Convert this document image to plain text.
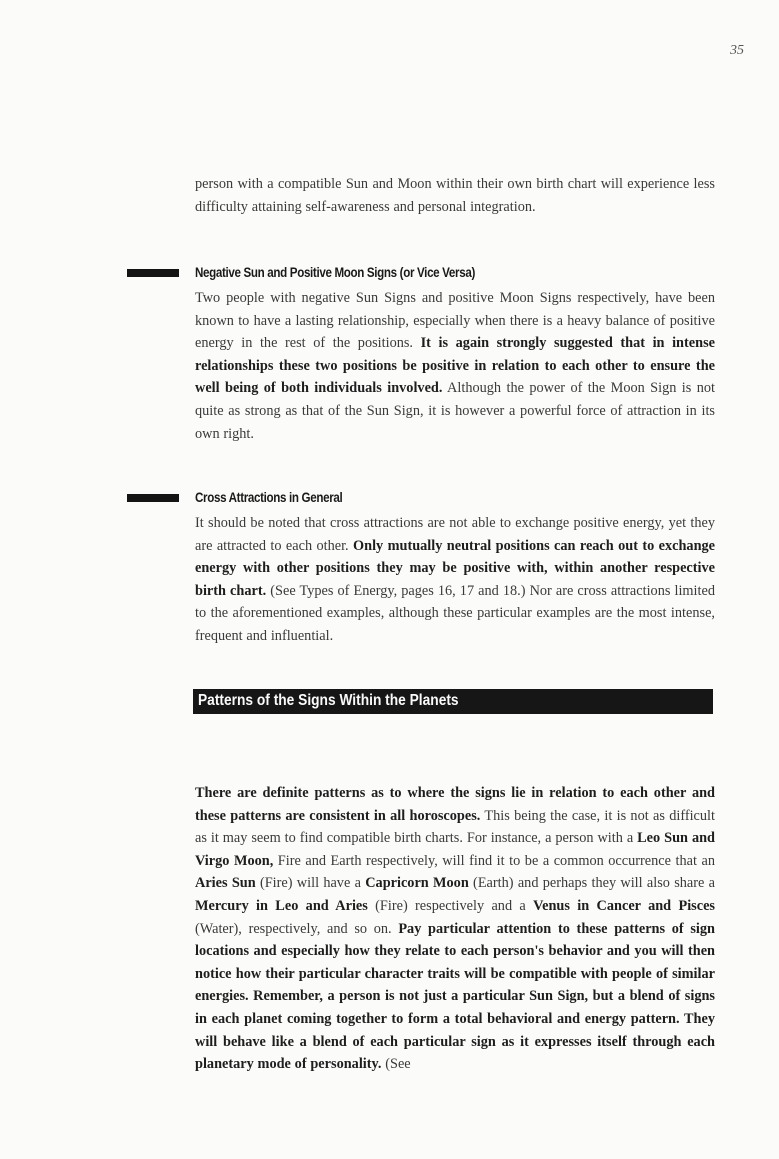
35

person with a compatible Sun and Moon within their own birth chart will experience less difficulty attaining self-awareness and personal integration.

Negative Sun and Positive Moon Signs (or Vice Versa)

Two people with negative Sun Signs and positive Moon Signs respectively, have been known to have a lasting relationship, especially when there is a heavy balance of positive energy in the rest of the positions. It is again strongly suggested that in intense relationships these two positions be positive in relation to each other to ensure the well being of both individuals involved. Although the power of the Moon Sign is not quite as strong as that of the Sun Sign, it is however a powerful force of attraction in its own right.

Cross Attractions in General

It should be noted that cross attractions are not able to exchange positive energy, yet they are attracted to each other. Only mutually neutral positions can reach out to exchange energy with other positions they may be positive with, within another respective birth chart. (See Types of Energy, pages 16, 17 and 18.) Nor are cross attractions limited to the aforementioned examples, although these particular examples are the most intense, frequent and influential.

Patterns of the Signs Within the Planets

There are definite patterns as to where the signs lie in relation to each other and these patterns are consistent in all horoscopes. This being the case, it is not as difficult as it may seem to find compatible birth charts. For instance, a person with a Leo Sun and Virgo Moon, Fire and Earth respectively, will find it to be a common occurrence that an Aries Sun (Fire) will have a Capricorn Moon (Earth) and perhaps they will also share a Mercury in Leo and Aries (Fire) respectively and a Venus in Cancer and Pisces (Water), respectively, and so on. Pay particular attention to these patterns of sign locations and especially how they relate to each person's behavior and you will then notice how their particular character traits will be compatible with people of similar energies. Remember, a person is not just a particular Sun Sign, but a blend of signs in each planet coming together to form a total behavioral and energy pattern. They will behave like a blend of each particular sign as it expresses itself through each planetary mode of personality. (See
